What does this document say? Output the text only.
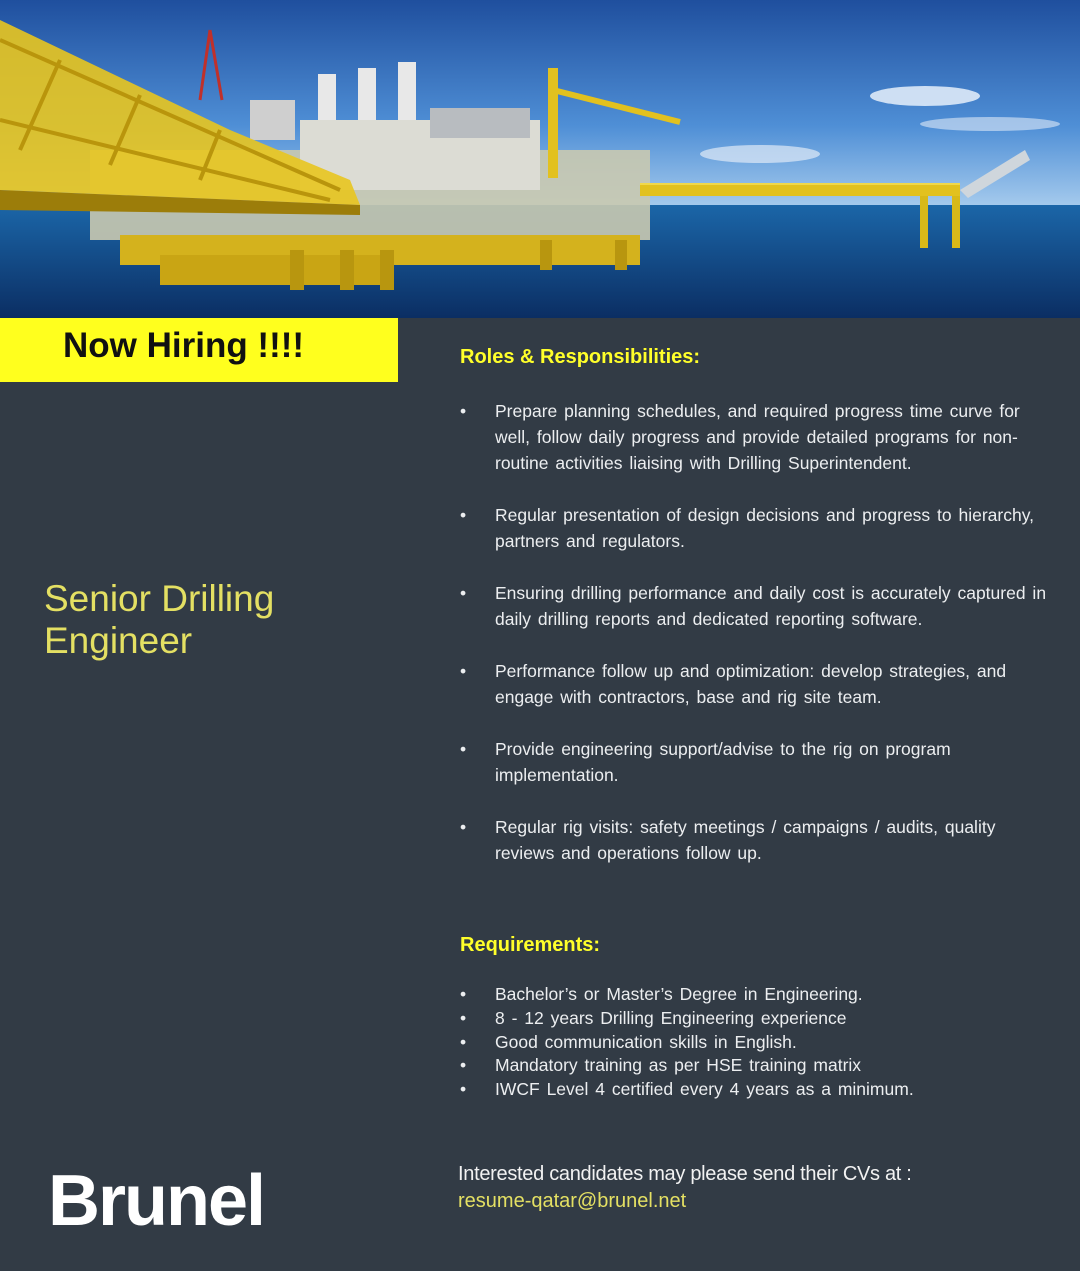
Now Hiring !!!!
Senior Drilling Engineer
Roles & Responsibilities:
• Prepare planning schedules, and required progress time curve for well, follow daily progress and provide detailed programs for non-routine activities liaising with Drilling Superintendent.
• Regular presentation of design decisions and progress to hierarchy, partners and regulators.
• Ensuring drilling performance and daily cost is accurately captured in daily drilling reports and dedicated reporting software.
• Performance follow up and optimization: develop strategies, and engage with contractors, base and rig site team.
• Provide engineering support/advise to the rig on program implementation.
• Regular rig visits: safety meetings / campaigns / audits, quality reviews and operations follow up.
Requirements:
• Bachelor’s or Master’s Degree in Engineering.
• 8 - 12 years Drilling Engineering experience
• Good communication skills in English.
• Mandatory training as per HSE training matrix
• IWCF Level 4 certified every 4 years as a minimum.
Brunel	Interested candidates may please send their CVs at :
resume-qatar@brunel.net
